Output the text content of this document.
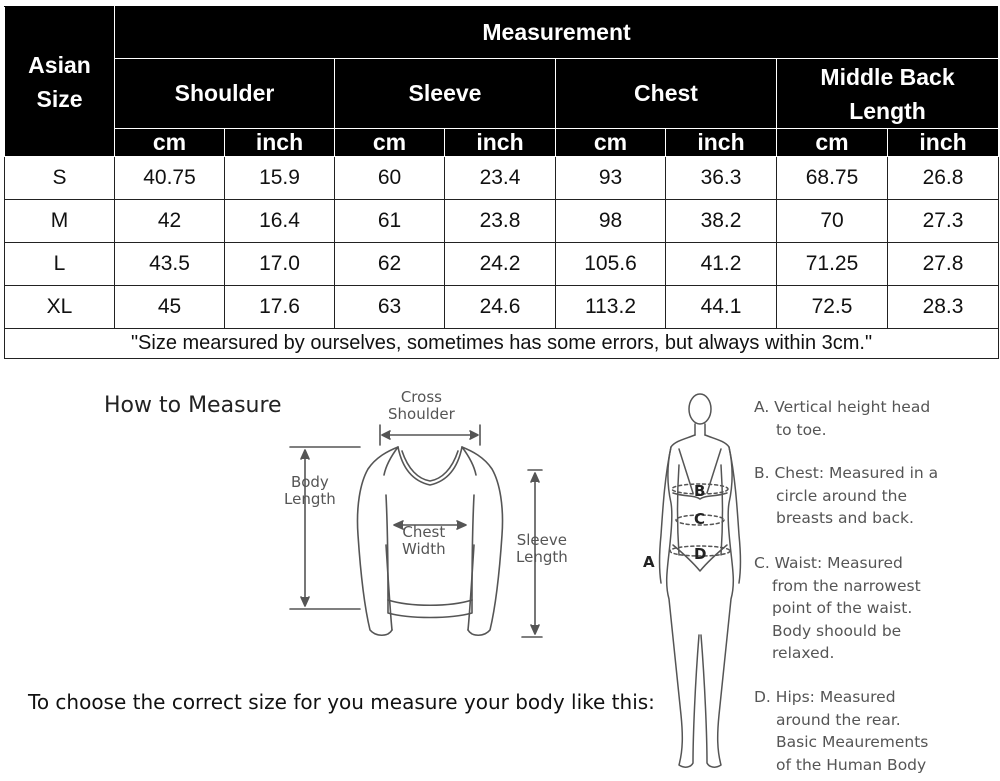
Asian Size	Measurement							
	Shoulder		Sleeve		Chest		Middle Back Length	

	cm	inch	cm	inch	cm	inch	cm	inch
S	40.75	15.9	60	23.4	93	36.3	68.75	26.8
M	42	16.4	61	23.8	98	38.2	70	27.3
L	43.5	17.0	62	24.2	105.6	41.2	71.25	27.8
XL	45	17.6	63	24.6	113.2	44.1	72.5	28.3
"Size mearsured by ourselves, sometimes has some errors, but always within 3cm."								
How to Measure
To choose the correct size for you measure your body like this:
Cross
Shoulder
Body
Length
Chest
Width	Sleeve
Length	A
B
C
D
A. Vertical height head
to toe.
B. Chest: Measured in a
circle around the
breasts and back.
C. Waist: Measured
from the narrowest
point of the waist.
Body shoould be
relaxed.
D. Hips: Measured
around the rear.
Basic Meaurements
of the Human Body
